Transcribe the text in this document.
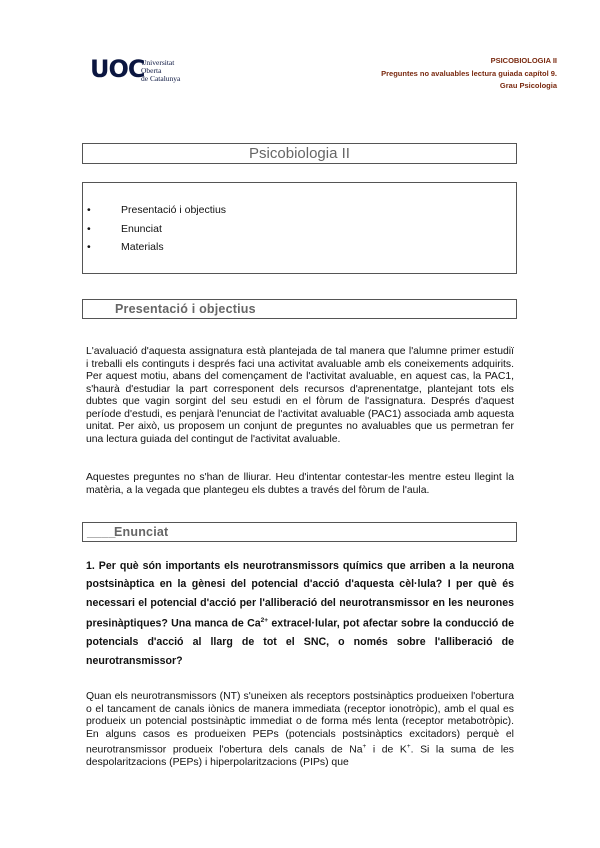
UOC
Universitat
Oberta
de Catalunya
PSICOBIOLOGIA II
Preguntes no avaluables lectura guiada capítol 9.
Grau Psicologia
Psicobiologia II
•	Presentació i objectius
•	Enunciat
•	Materials
Presentació i objectius
L'avaluació d'aquesta assignatura està plantejada de tal manera que l'alumne primer estudiï i treballi els continguts i després faci una activitat avaluable amb els coneixements adquirits. Per aquest motiu, abans del començament de l'activitat avaluable, en aquest cas, la PAC1, s'haurà d'estudiar la part corresponent dels recursos d'aprenentatge, plantejant tots els dubtes que vagin sorgint del seu estudi en el fòrum de l'assignatura. Després d'aquest període d'estudi, es penjarà l'enunciat de l'activitat avaluable (PAC1) associada amb aquesta unitat. Per això, us proposem un conjunt de preguntes no avaluables que us permetran fer una lectura guiada del contingut de l'activitat avaluable.
Aquestes preguntes no s'han de lliurar. Heu d'intentar contestar-les mentre esteu llegint la matèria, a la vegada que plantegeu els dubtes a través del fòrum de l'aula.
____
Enunciat
1. Per què són importants els neurotransmissors químics que arriben a la neurona postsinàptica en la gènesi del potencial d'acció d'aquesta cèl·lula? I per què és necessari el potencial d'acció per l'alliberació del neurotransmissor en les neurones presinàptiques? Una manca de $Ca^{2+}$ extracel·lular, pot afectar sobre la conducció de potencials d'acció al llarg de tot el SNC, o només sobre l'alliberació de neurotransmissor?
Quan els neurotransmissors (NT) s'uneixen als receptors postsinàptics produeixen l'obertura o el tancament de canals iònics de manera immediata (receptor ionotròpic), amb el qual es produeix un potencial postsinàptic immediat o de forma més lenta (receptor metabotròpic). En alguns casos es produeixen PEPs (potencials postsinàptics excitadors) perquè el neurotransmissor produeix l'obertura dels canals de Na+ i de K+. Si la suma de les despolaritzacions (PEPs) i hiperpolaritzacions (PIPs) que
